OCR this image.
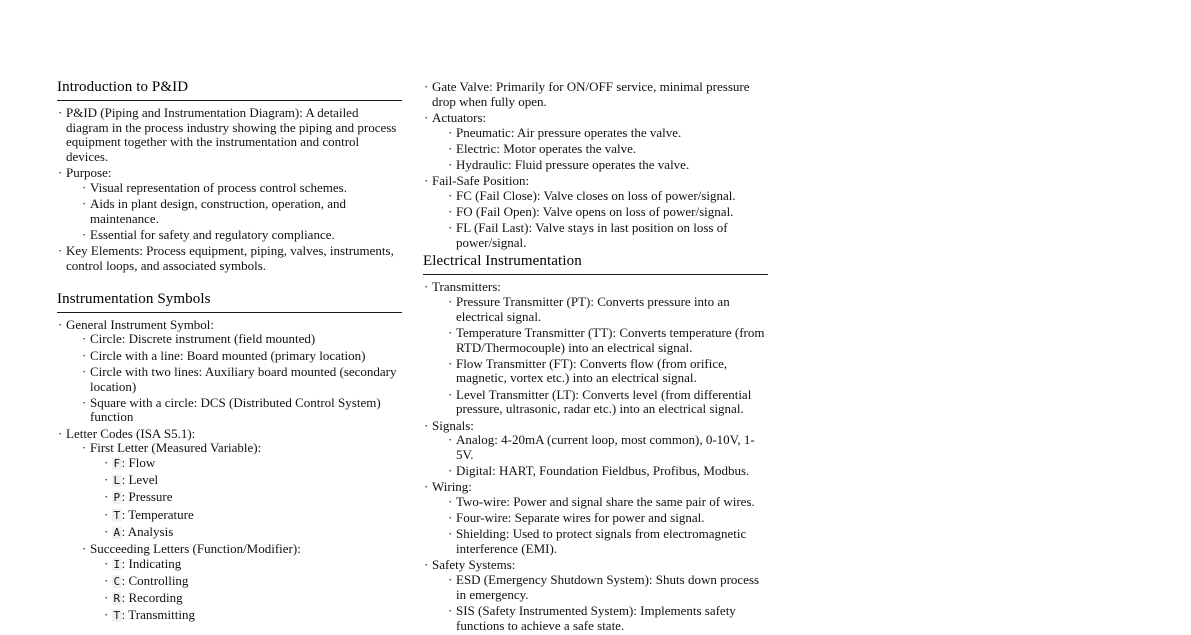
Introduction to P&ID
· P&ID (Piping and Instrumentation Diagram): A detailed diagram in the process industry showing the piping and process equipment together with the instrumentation and control devices.
· Purpose:
· Visual representation of process control schemes.
· Aids in plant design, construction, operation, and maintenance.
· Essential for safety and regulatory compliance.
· Key Elements: Process equipment, piping, valves, instruments, control loops, and associated symbols.
Instrumentation Symbols
· General Instrument Symbol:
· Circle: Discrete instrument (field mounted)
· Circle with a line: Board mounted (primary location)
· Circle with two lines: Auxiliary board mounted (secondary location)
· Square with a circle: DCS (Distributed Control System) function
· Letter Codes (ISA S5.1):
· First Letter (Measured Variable):
· F : Flow
· L : Level
· P : Pressure
· T : Temperature
· A : Analysis
· Succeeding Letters (Function/Modifier):
· I : Indicating
· C : Controlling
· R : Recording
· T : Transmitting
· Gate Valve: Primarily for ON/OFF service, minimal pressure drop when fully open.
· Actuators:
· Pneumatic: Air pressure operates the valve.
· Electric: Motor operates the valve.
· Hydraulic: Fluid pressure operates the valve.
· Fail-Safe Position:
· FC (Fail Close): Valve closes on loss of power/signal.
· FO (Fail Open): Valve opens on loss of power/signal.
· FL (Fail Last): Valve stays in last position on loss of power/signal.
Electrical Instrumentation
· Transmitters:
· Pressure Transmitter (PT): Converts pressure into an electrical signal.
· Temperature Transmitter (TT): Converts temperature (from RTD/Thermocouple) into an electrical signal.
· Flow Transmitter (FT): Converts flow (from orifice, magnetic, vortex etc.) into an electrical signal.
· Level Transmitter (LT): Converts level (from differential pressure, ultrasonic, radar etc.) into an electrical signal.
· Signals:
· Analog: 4-20mA (current loop, most common), 0-10V, 1-5V.
· Digital: HART, Foundation Fieldbus, Profibus, Modbus.
· Wiring:
· Two-wire: Power and signal share the same pair of wires.
· Four-wire: Separate wires for power and signal.
· Shielding: Used to protect signals from electromagnetic interference (EMI).
· Safety Systems:
· ESD (Emergency Shutdown System): Shuts down process in emergency.
· SIS (Safety Instrumented System): Implements safety functions to achieve a safe state.
